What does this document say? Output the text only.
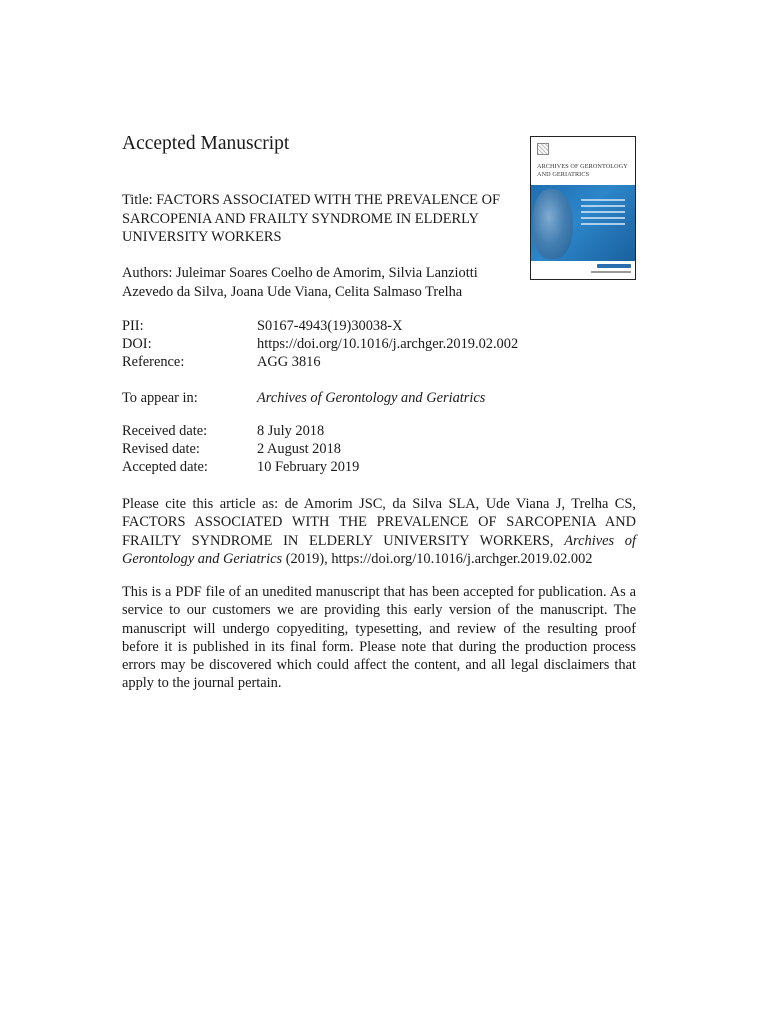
Accepted Manuscript
ARCHIVES OF GERONTOLOGY
AND GERIATRICS
Title: FACTORS ASSOCIATED WITH THE PREVALENCE OF SARCOPENIA AND FRAILTY SYNDROME IN ELDERLY UNIVERSITY WORKERS
Authors: Juleimar Soares Coelho de Amorim, Silvia Lanziotti Azevedo da Silva, Joana Ude Viana, Celita Salmaso Trelha
PII:	S0167-4943(19)30038-X
DOI:	https://doi.org/10.1016/j.archger.2019.02.002
Reference:	AGG 3816
To appear in:	Archives of Gerontology and Geriatrics
Received date:	8 July 2018
Revised date:	2 August 2018
Accepted date:	10 February 2019
Please cite this article as: de Amorim JSC, da Silva SLA, Ude Viana J, Trelha CS, FACTORS ASSOCIATED WITH THE PREVALENCE OF SARCOPENIA AND FRAILTY SYNDROME IN ELDERLY UNIVERSITY WORKERS, Archives of Gerontology and Geriatrics (2019), https://doi.org/10.1016/j.archger.2019.02.002
This is a PDF file of an unedited manuscript that has been accepted for publication. As a service to our customers we are providing this early version of the manuscript. The manuscript will undergo copyediting, typesetting, and review of the resulting proof before it is published in its final form. Please note that during the production process errors may be discovered which could affect the content, and all legal disclaimers that apply to the journal pertain.
